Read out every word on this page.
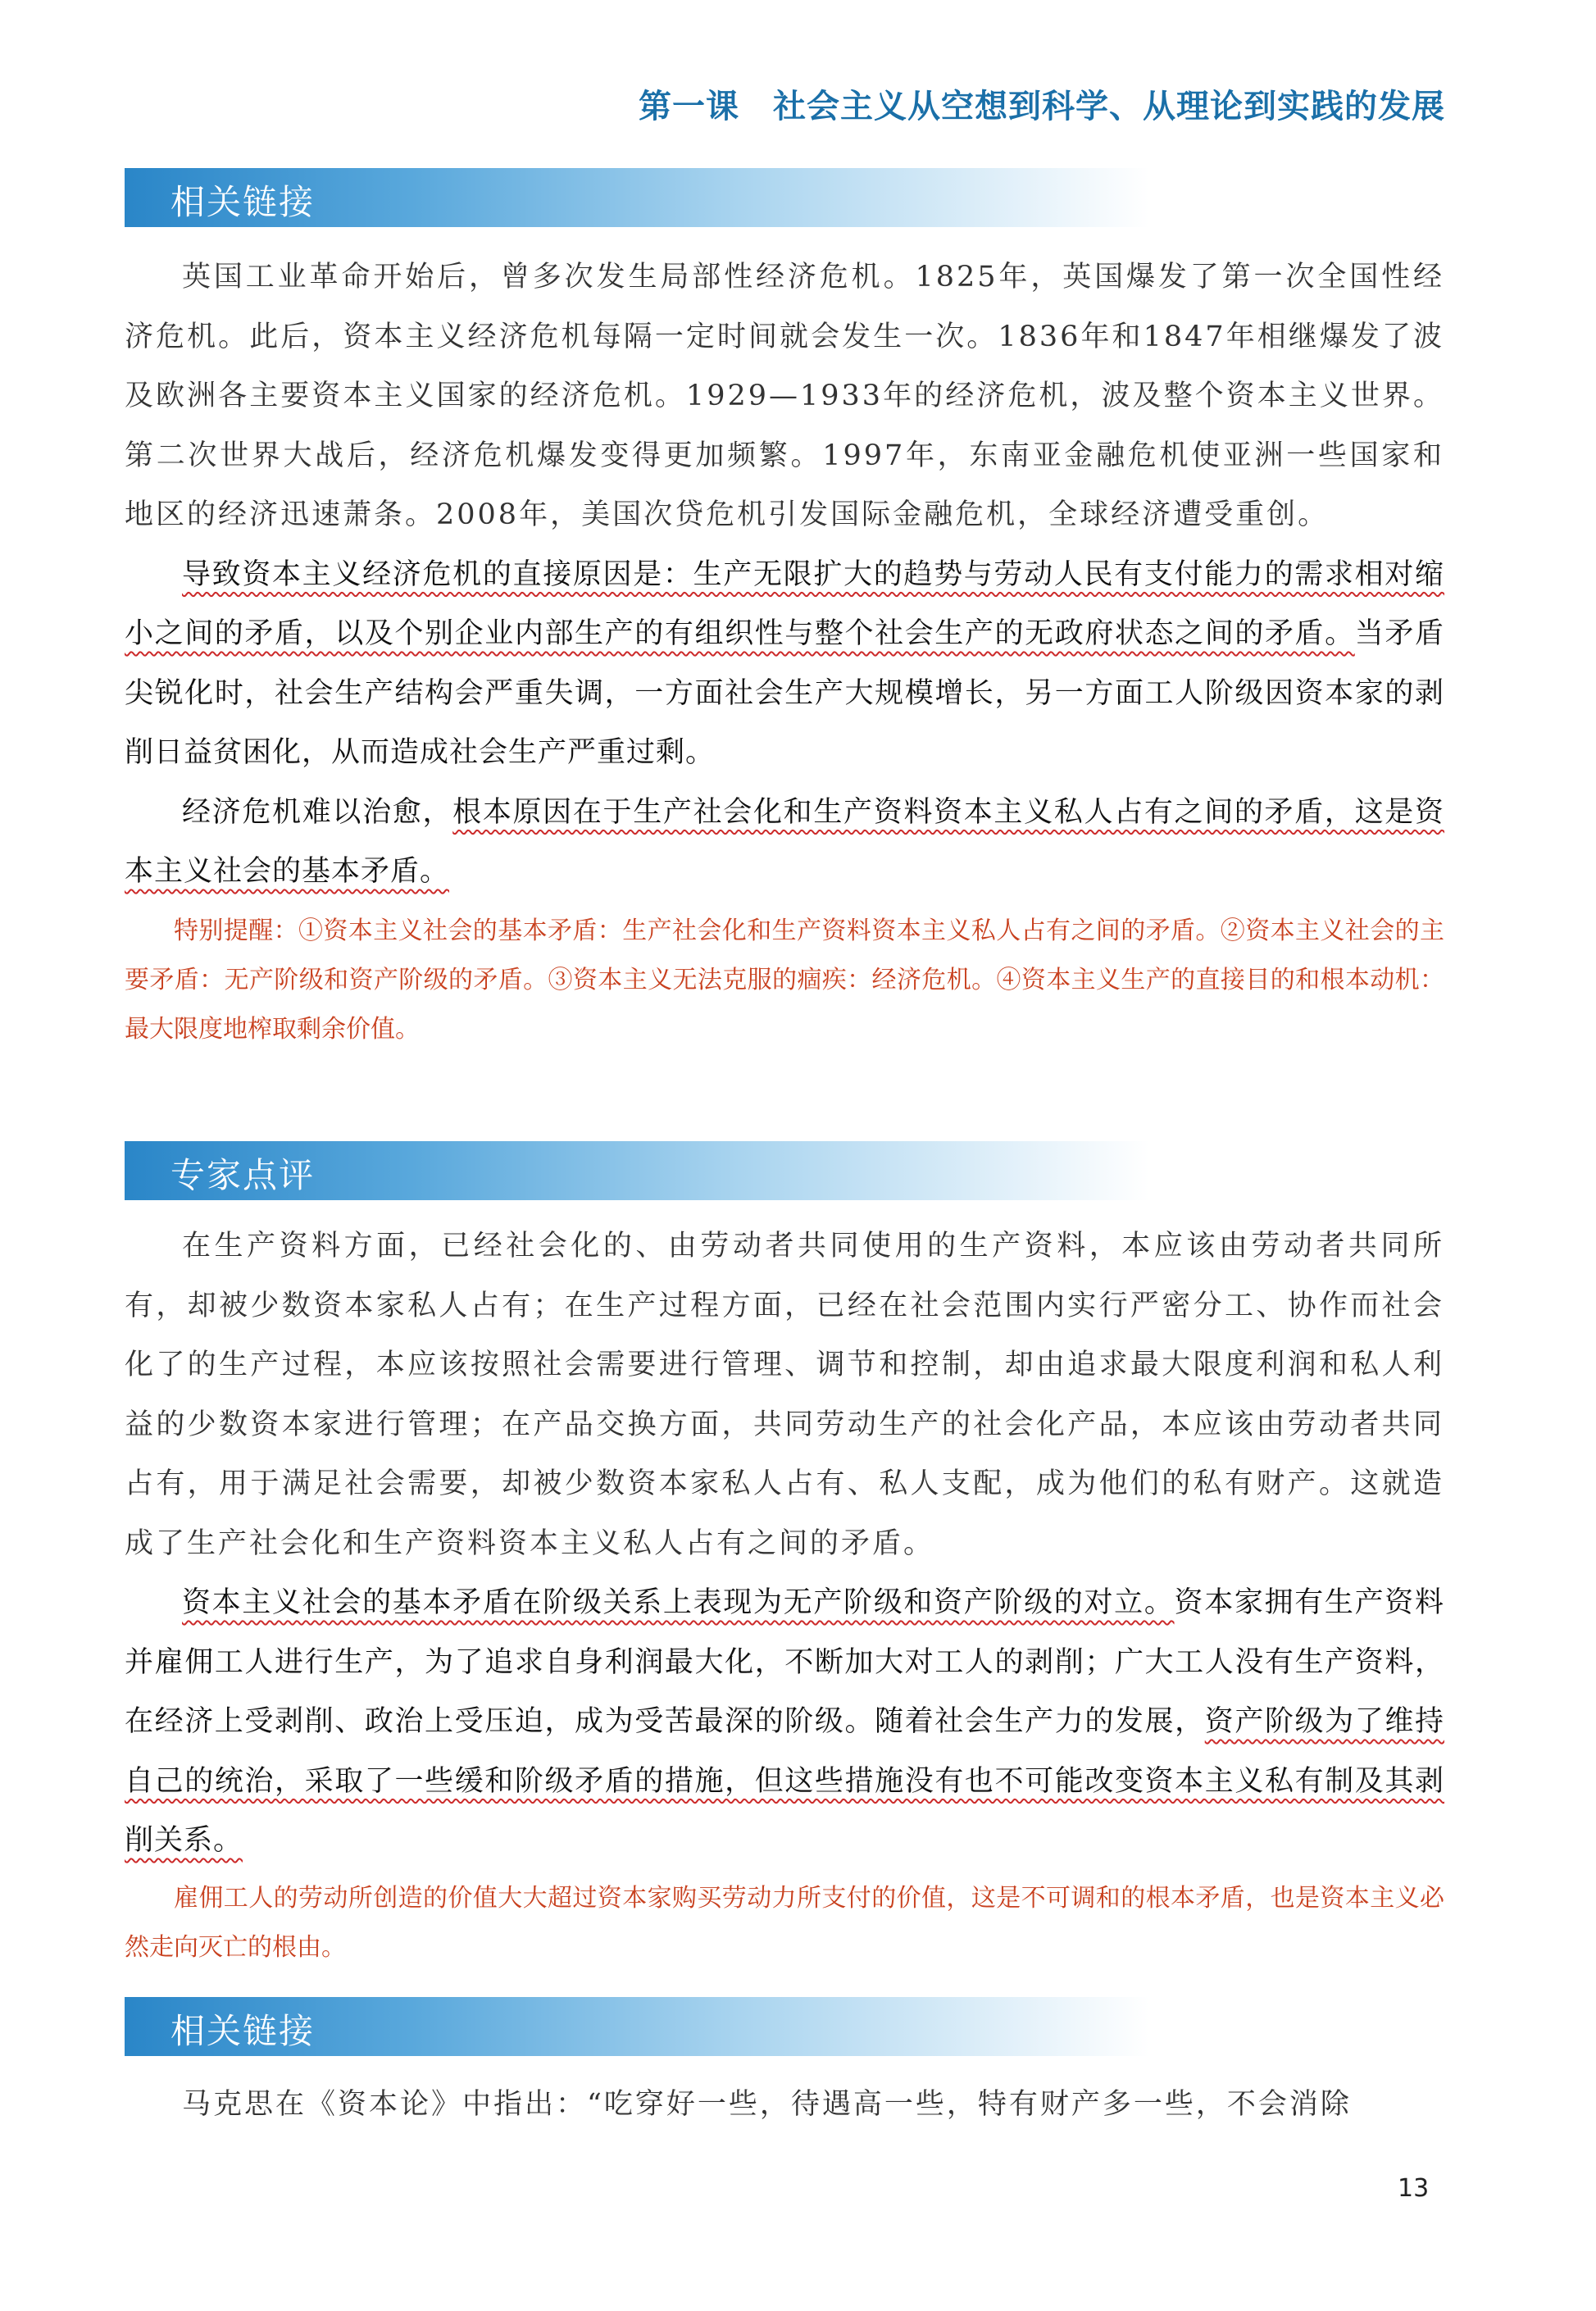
第一课　社会主义从空想到科学、从理论到实践的发展
相关链接

英国工业革命开始后，曾多次发生局部性经济危机。1825年，英国爆发了第一次全国性经济危机。此后，资本主义经济危机每隔一定时间就会发生一次。1836年和1847年相继爆发了波及欧洲各主要资本主义国家的经济危机。1929—1933年的经济危机，波及整个资本主义世界。第二次世界大战后，经济危机爆发变得更加频繁。1997年，东南亚金融危机使亚洲一些国家和地区的经济迅速萧条。2008年，美国次贷危机引发国际金融危机，全球经济遭受重创。

导致资本主义经济危机的直接原因是：生产无限扩大的趋势与劳动人民有支付能力的需求相对缩小之间的矛盾，以及个别企业内部生产的有组织性与整个社会生产的无政府状态之间的矛盾。当矛盾尖锐化时，社会生产结构会严重失调，一方面社会生产大规模增长，另一方面工人阶级因资本家的剥削日益贫困化，从而造成社会生产严重过剩。

经济危机难以治愈，根本原因在于生产社会化和生产资料资本主义私人占有之间的矛盾，这是资本主义社会的基本矛盾。

特别提醒：①资本主义社会的基本矛盾：生产社会化和生产资料资本主义私人占有之间的矛盾。②资本主义社会的主要矛盾：无产阶级和资产阶级的矛盾。③资本主义无法克服的痼疾：经济危机。④资本主义生产的直接目的和根本动机：最大限度地榨取剩余价值。

专家点评

在生产资料方面，已经社会化的、由劳动者共同使用的生产资料，本应该由劳动者共同所有，却被少数资本家私人占有；在生产过程方面，已经在社会范围内实行严密分工、协作而社会化了的生产过程，本应该按照社会需要进行管理、调节和控制，却由追求最大限度利润和私人利益的少数资本家进行管理；在产品交换方面，共同劳动生产的社会化产品，本应该由劳动者共同占有，用于满足社会需要，却被少数资本家私人占有、私人支配，成为他们的私有财产。这就造成了生产社会化和生产资料资本主义私人占有之间的矛盾。

资本主义社会的基本矛盾在阶级关系上表现为无产阶级和资产阶级的对立。资本家拥有生产资料并雇佣工人进行生产，为了追求自身利润最大化，不断加大对工人的剥削；广大工人没有生产资料，在经济上受剥削、政治上受压迫，成为受苦最深的阶级。随着社会生产力的发展，资产阶级为了维持自己的统治，采取了一些缓和阶级矛盾的措施，但这些措施没有也不可能改变资本主义私有制及其剥削关系。

雇佣工人的劳动所创造的价值大大超过资本家购买劳动力所支付的价值，这是不可调和的根本矛盾，也是资本主义必然走向灭亡的根由。

相关链接

马克思在《资本论》中指出：“吃穿好一些，待遇高一些，特有财产多一些，不会消除

13
